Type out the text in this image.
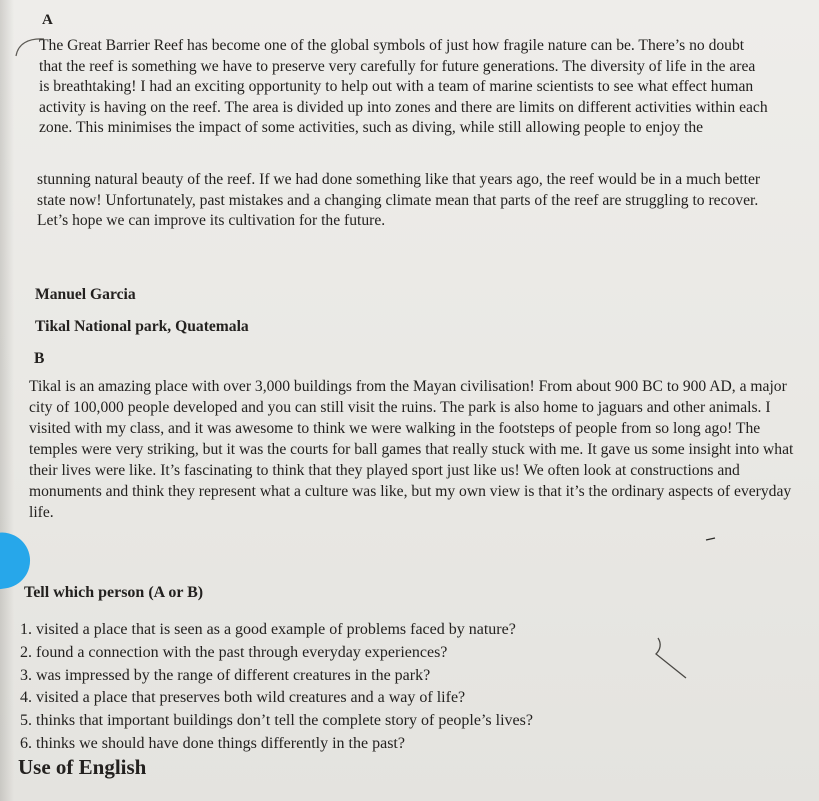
A

The Great Barrier Reef has become one of the global symbols of just how fragile nature can be. There’s no doubt that the reef is something we have to preserve very carefully for future generations. The diversity of life in the area is breathtaking! I had an exciting opportunity to help out with a team of marine scientists to see what effect human activity is having on the reef. The area is divided up into zones and there are limits on different activities within each zone. This minimises the impact of some activities, such as diving, while still allowing people to enjoy the

stunning natural beauty of the reef. If we had done something like that years ago, the reef would be in a much better state now! Unfortunately, past mistakes and a changing climate mean that parts of the reef are struggling to recover. Let’s hope we can improve its cultivation for the future.

Manuel Garcia
Tikal National park, Quatemala
B

Tikal is an amazing place with over 3,000 buildings from the Mayan civilisation! From about 900 BC to 900 AD, a major city of 100,000 people developed and you can still visit the ruins. The park is also home to jaguars and other animals. I visited with my class, and it was awesome to think we were walking in the footsteps of people from so long ago! The temples were very striking, but it was the courts for ball games that really stuck with me. It gave us some insight into what their lives were like. It’s fascinating to think that they played sport just like us! We often look at constructions and monuments and think they represent what a culture was like, but my own view is that it’s the ordinary aspects of everyday life.

Tell which person (A or B)
1. visited a place that is seen as a good example of problems faced by nature?
2. found a connection with the past through everyday experiences?
3. was impressed by the range of different creatures in the park?
4. visited a place that preserves both wild creatures and a way of life?
5. thinks that important buildings don’t tell the complete story of people’s lives?
6. thinks we should have done things differently in the past?
Use of English
